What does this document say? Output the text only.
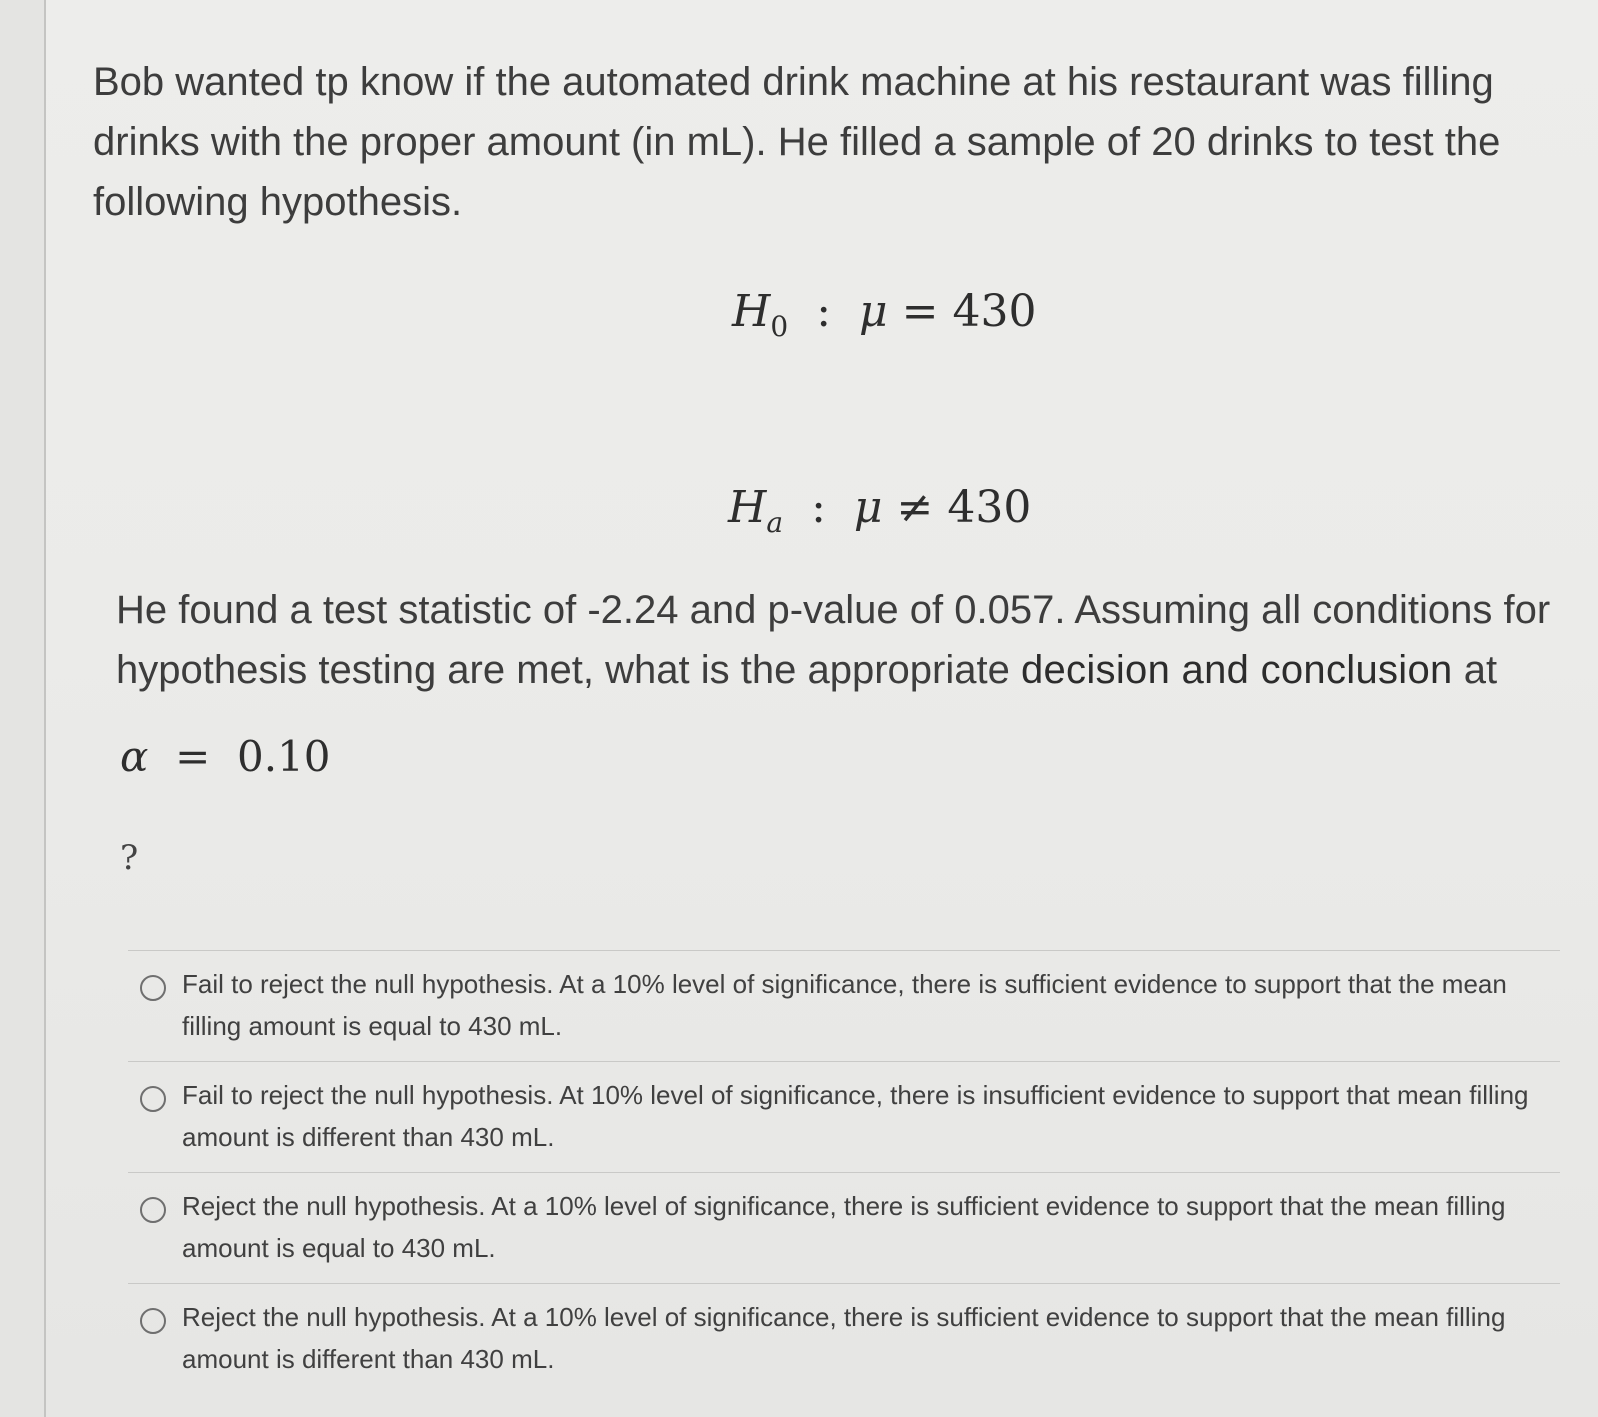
Bob wanted tp know if the automated drink machine at his restaurant was filling drinks with the proper amount (in mL). He filled a sample of 20 drinks to test the following hypothesis.

$H_0$  :  μ = 430
$H_a$  :  μ ≠ 430

He found a test statistic of -2.24 and p-value of 0.057. Assuming all conditions for hypothesis testing are met, what is the appropriate decision and conclusion at

α = 0.10
?
Fail to reject the null hypothesis. At a 10% level of significance, there is sufficient evidence to support that the mean filling amount is equal to 430 mL.
Fail to reject the null hypothesis. At 10% level of significance, there is insufficient evidence to support that mean filling amount is different than 430 mL.
Reject the null hypothesis. At a 10% level of significance, there is sufficient evidence to support that the mean filling amount is equal to 430 mL.
Reject the null hypothesis. At a 10% level of significance, there is sufficient evidence to support that the mean filling amount is different than 430 mL.
